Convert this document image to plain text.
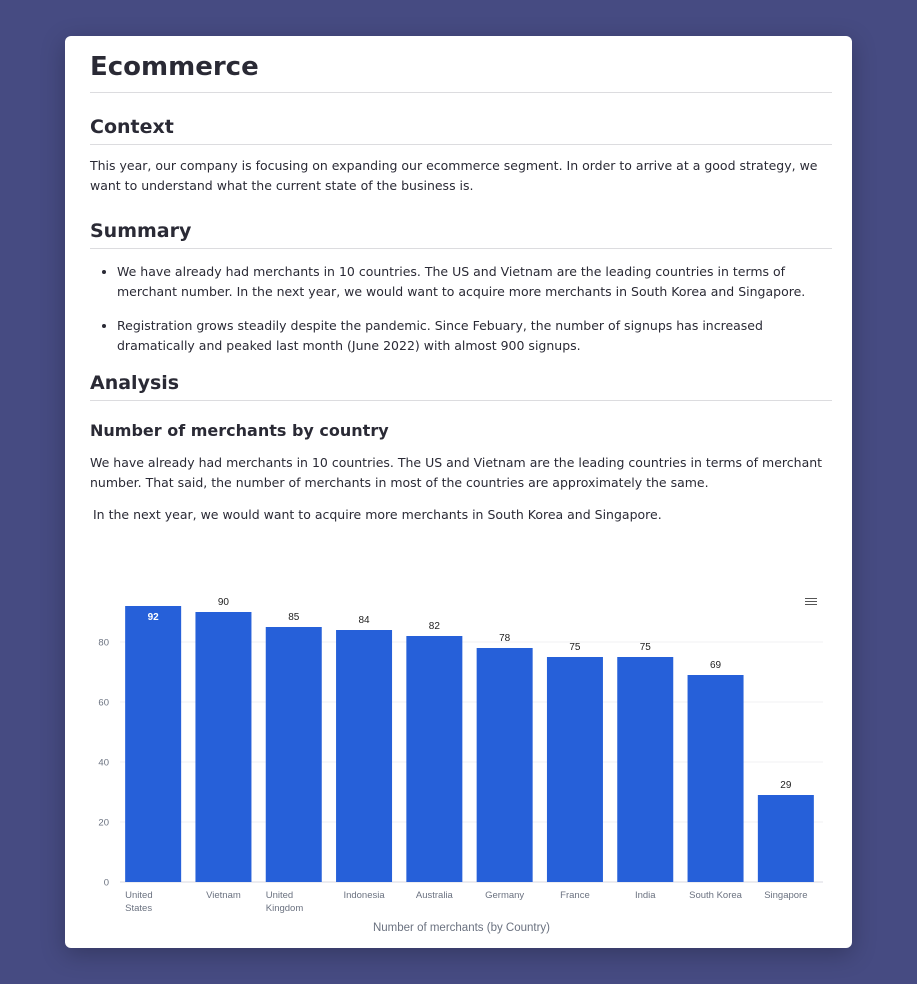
Ecommerce
Context

This year, our company is focusing on expanding our ecommerce segment. In order to arrive at a good strategy, we want to understand what the current state of the business is.

Summary
• We have already had merchants in 10 countries. The US and Vietnam are the leading countries in terms of merchant number. In the next year, we would want to acquire more merchants in South Korea and Singapore.
• Registration grows steadily despite the pandemic. Since Febuary, the number of signups has increased dramatically and peaked last month (June 2022) with almost 900 signups.
Analysis
Number of merchants by country

We have already had merchants in 10 countries. The US and Vietnam are the leading countries in terms of merchant number. That said, the number of merchants in most of the countries are approximately the same.

In the next year, we would want to acquire more merchants in South Korea and Singapore.

0
20
40
60
80
92
United States
90
Vietnam
85
United Kingdom
84
Indonesia
82
Australia
78
Germany
75
France
75
India
69
South Korea
29
Singapore
Number of merchants (by Country)
